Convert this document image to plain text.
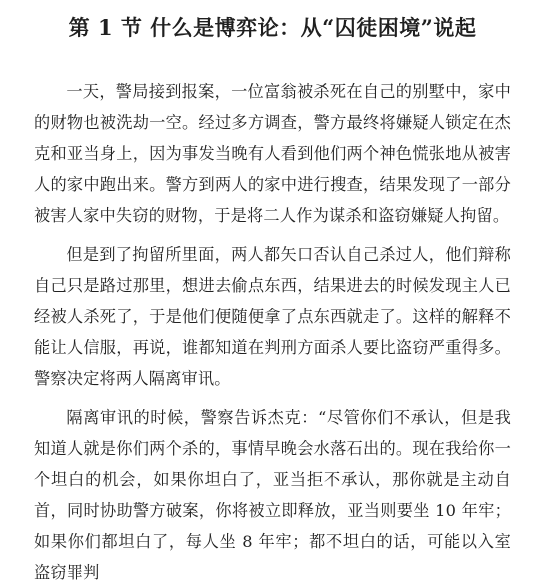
第 1 节 什么是博弈论：从“囚徒困境”说起

一天，警局接到报案，一位富翁被杀死在自己的别墅中，家中的财物也被洗劫一空。经过多方调查，警方最终将嫌疑人锁定在杰克和亚当身上，因为事发当晚有人看到他们两个神色慌张地从被害人的家中跑出来。警方到两人的家中进行搜查，结果发现了一部分被害人家中失窃的财物，于是将二人作为谋杀和盗窃嫌疑人拘留。

但是到了拘留所里面，两人都矢口否认自己杀过人，他们辩称自己只是路过那里，想进去偷点东西，结果进去的时候发现主人已经被人杀死了，于是他们便随便拿了点东西就走了。这样的解释不能让人信服，再说，谁都知道在判刑方面杀人要比盗窃严重得多。警察决定将两人隔离审讯。

隔离审讯的时候，警察告诉杰克：“尽管你们不承认，但是我知道人就是你们两个杀的，事情早晚会水落石出的。现在我给你一个坦白的机会，如果你坦白了，亚当拒不承认，那你就是主动自首，同时协助警方破案，你将被立即释放，亚当则要坐 10 年牢；如果你们都坦白了，每人坐 8 年牢；都不坦白的话，可能以入室盗窃罪判
